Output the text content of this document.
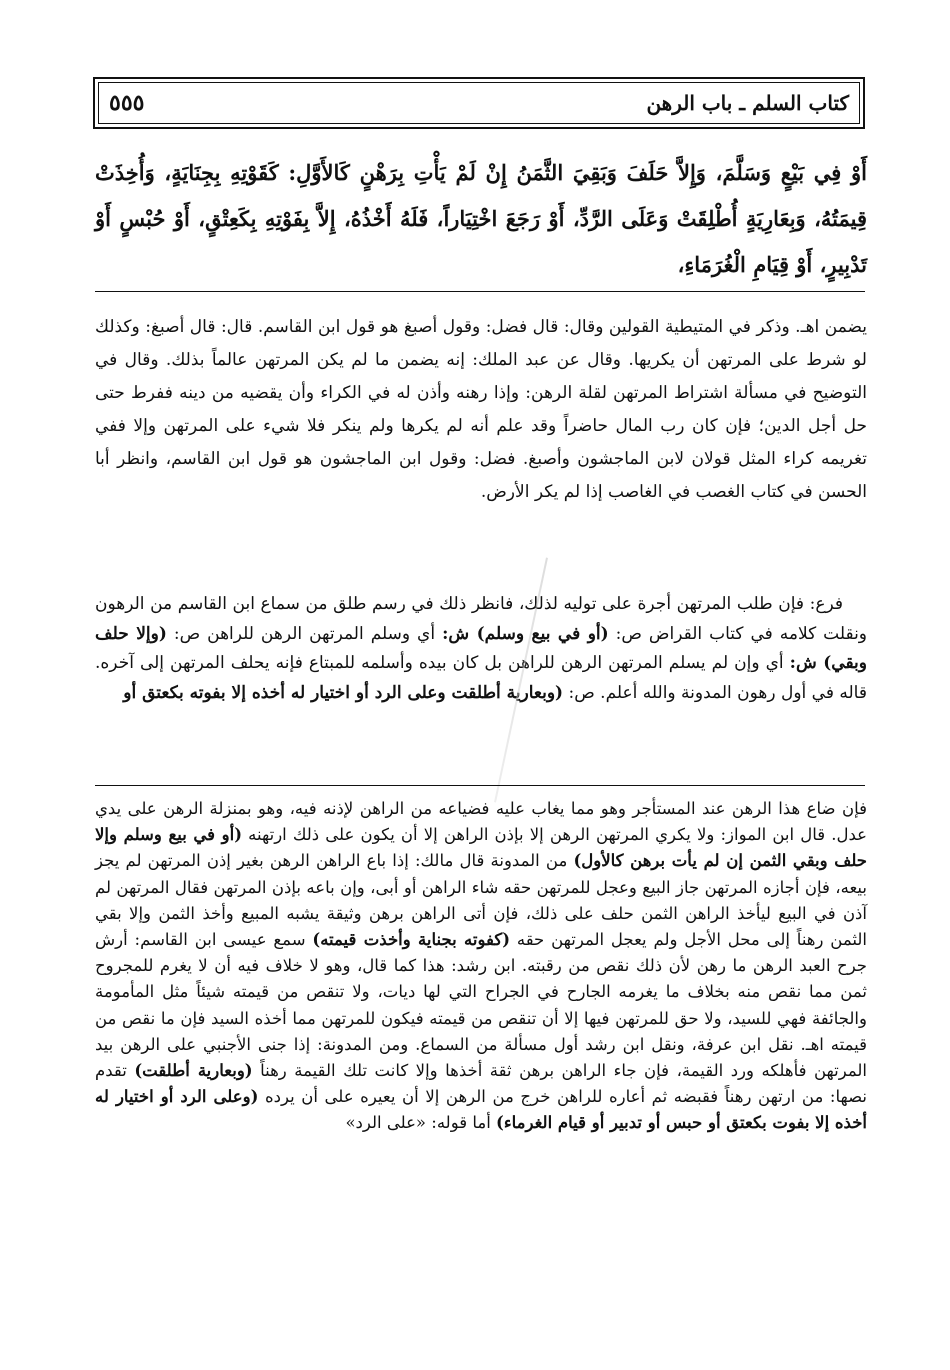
٥٥٥	كتاب السلم ـ باب الرهن

أَوْ فِي بَيْعٍ وَسَلَّمَ، وَإِلاَّ حَلَفَ وَبَقِيَ الثَّمَنُ إِنْ لَمْ يَأْتِ بِرَهْنٍ كَالأَوَّلِ: كَقَوْتِهِ بِجِنَايَةٍ، وَأُخِذَتْ قِيمَتُهُ، وَبِعَارِيَةٍ أُطْلِقَتْ وَعَلَى الرَّدِّ، أَوْ رَجَعَ اخْتِيَاراً، فَلَهُ أَخْذُهُ، إِلاَّ بِفَوْتِهِ بِكَعِتْقٍ، أَوْ حُبْسٍ أَوْ تَدْبِيرٍ، أَوْ قِيَامِ الْغُرَمَاءِ،

يضمن اهـ. وذكر في المتيطية القولين وقال: قال فضل: وقول أصبغ هو قول ابن القاسم. قال: قال أصبغ: وكذلك لو شرط على المرتهن أن يكريها. وقال عن عبد الملك: إنه يضمن ما لم يكن المرتهن عالماً بذلك. وقال في التوضيح في مسألة اشتراط المرتهن لقلة الرهن: وإذا رهنه وأذن له في الكراء وأن يقضيه من دينه ففرط حتى حل أجل الدين؛ فإن كان رب المال حاضراً وقد علم أنه لم يكرها ولم ينكر فلا شيء على المرتهن وإلا ففي تغريمه كراء المثل قولان لابن الماجشون وأصبغ. فضل: وقول ابن الماجشون هو قول ابن القاسم، وانظر أبا الحسن في كتاب الغصب في الغاصب إذا لم يكر الأرض.

فرع: فإن طلب المرتهن أجرة على توليه لذلك، فانظر ذلك في رسم طلق من سماع ابن القاسم من الرهون ونقلت كلامه في كتاب القراض ص: (أو في بيع وسلم) ش: أي وسلم المرتهن الرهن للراهن ص: (وإلا حلف وبقي) ش: أي وإن لم يسلم المرتهن الرهن للراهن بل كان بيده وأسلمه للمبتاع فإنه يحلف المرتهن إلى آخره. قاله في أول رهون المدونة والله أعلم. ص: (وبعارية أطلقت وعلى الرد أو اختيار له أخذه إلا بفوته بكعتق أو

فإن ضاع هذا الرهن عند المستأجر وهو مما يغاب عليه فضياعه من الراهن لإذنه فيه، وهو بمنزلة الرهن على يدي عدل. قال ابن المواز: ولا يكري المرتهن الرهن إلا بإذن الراهن إلا أن يكون على ذلك ارتهنه (أو في بيع وسلم وإلا حلف وبقي الثمن إن لم يأت برهن كالأول) من المدونة قال مالك: إذا باع الراهن الرهن بغير إذن المرتهن لم يجز بيعه، فإن أجازه المرتهن جاز البيع وعجل للمرتهن حقه شاء الراهن أو أبى، وإن باعه بإذن المرتهن فقال المرتهن لم آذن في البيع ليأخذ الراهن الثمن حلف على ذلك، فإن أتى الراهن برهن وثيقة يشبه المبيع وأخذ الثمن وإلا بقي الثمن رهناً إلى محل الأجل ولم يعجل المرتهن حقه (كفوته بجناية وأخذت قيمته) سمع عيسى ابن القاسم: أرش جرح العبد الرهن ما رهن لأن ذلك نقص من رقبته. ابن رشد: هذا كما قال، وهو لا خلاف فيه أن لا يغرم للمجروح ثمن مما نقص منه بخلاف ما يغرمه الجارح في الجراح التي لها ديات، ولا تنقص من قيمته شيئاً مثل المأمومة والجائفة فهي للسيد، ولا حق للمرتهن فيها إلا أن تنقص من قيمته فيكون للمرتهن مما أخذه السيد فإن ما نقص من قيمته اهـ. نقل ابن عرفة، ونقل ابن رشد أول مسألة من السماع. ومن المدونة: إذا جنى الأجنبي على الرهن بيد المرتهن فأهلكه ورد القيمة، فإن جاء الراهن برهن ثقة أخذها وإلا كانت تلك القيمة رهناً (وبعارية أطلقت) تقدم نصها: من ارتهن رهناً فقبضه ثم أعاره للراهن خرج من الرهن إلا أن يعيره على أن يرده (وعلى الرد أو اختيار له أخذه إلا بفوت بكعتق أو حبس أو تدبير أو قيام الغرماء) أما قوله: «على الرد»
